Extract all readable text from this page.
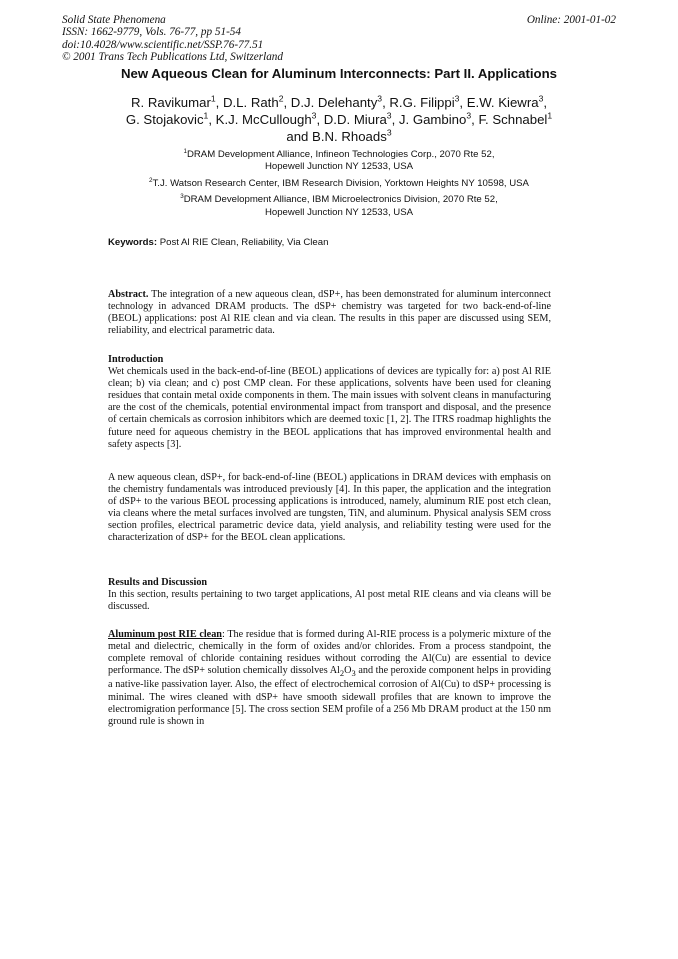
Solid State Phenomena
ISSN: 1662-9779, Vols. 76-77, pp 51-54
doi:10.4028/www.scientific.net/SSP.76-77.51
© 2001 Trans Tech Publications Ltd, Switzerland
Online: 2001-01-02
New Aqueous Clean for Aluminum Interconnects: Part II. Applications
R. Ravikumar$^1$, D.L. Rath$^2$, D.J. Delehanty$^3$, R.G. Filippi$^3$, E.W. Kiewra$^3$,
G. Stojakovic$^1$, K.J. McCullough$^3$, D.D. Miura$^3$, J. Gambino$^3$, F. Schnabel$^1$
and B.N. Rhoads$^3$
$^1$DRAM Development Alliance, Infineon Technologies Corp., 2070 Rte 52,
Hopewell Junction NY 12533, USA
$^2$T.J. Watson Research Center, IBM Research Division, Yorktown Heights NY 10598, USA
$^3$DRAM Development Alliance, IBM Microelectronics Division, 2070 Rte 52,
Hopewell Junction NY 12533, USA
Keywords: Post Al RIE Clean, Reliability, Via Clean
Abstract. The integration of a new aqueous clean, dSP+, has been demonstrated for aluminum interconnect technology in advanced DRAM products. The dSP+ chemistry was targeted for two back-end-of-line (BEOL) applications: post Al RIE clean and via clean. The results in this paper are discussed using SEM, reliability, and electrical parametric data.
Introduction
Wet chemicals used in the back-end-of-line (BEOL) applications of devices are typically for: a) post Al RIE clean; b) via clean; and c) post CMP clean. For these applications, solvents have been used for cleaning residues that contain metal oxide components in them. The main issues with solvent cleans in manufacturing are the cost of the chemicals, potential environmental impact from transport and disposal, and the presence of certain chemicals as corrosion inhibitors which are deemed toxic [1, 2]. The ITRS roadmap highlights the future need for aqueous chemistry in the BEOL applications that has improved environmental health and safety aspects [3].
A new aqueous clean, dSP+, for back-end-of-line (BEOL) applications in DRAM devices with emphasis on the chemistry fundamentals was introduced previously [4]. In this paper, the application and the integration of dSP+ to the various BEOL processing applications is introduced, namely, aluminum RIE post etch clean, via cleans where the metal surfaces involved are tungsten, TiN, and aluminum. Physical analysis SEM cross section profiles, electrical parametric device data, yield analysis, and reliability testing were used for the characterization of dSP+ for the BEOL clean applications.
Results and Discussion
In this section, results pertaining to two target applications, Al post metal RIE cleans and via cleans will be discussed.
Aluminum post RIE clean: The residue that is formed during Al-RIE process is a polymeric mixture of the metal and dielectric, chemically in the form of oxides and/or chlorides. From a process standpoint, the complete removal of chloride containing residues without corroding the Al(Cu) are essential to device performance. The dSP+ solution chemically dissolves $Al_2O_3$ and the peroxide component helps in providing a native-like passivation layer. Also, the effect of electrochemical corrosion of Al(Cu) to dSP+ processing is minimal. The wires cleaned with dSP+ have smooth sidewall profiles that are known to improve the electromigration performance [5]. The cross section SEM profile of a 256 Mb DRAM product at the 150 nm ground rule is shown in
